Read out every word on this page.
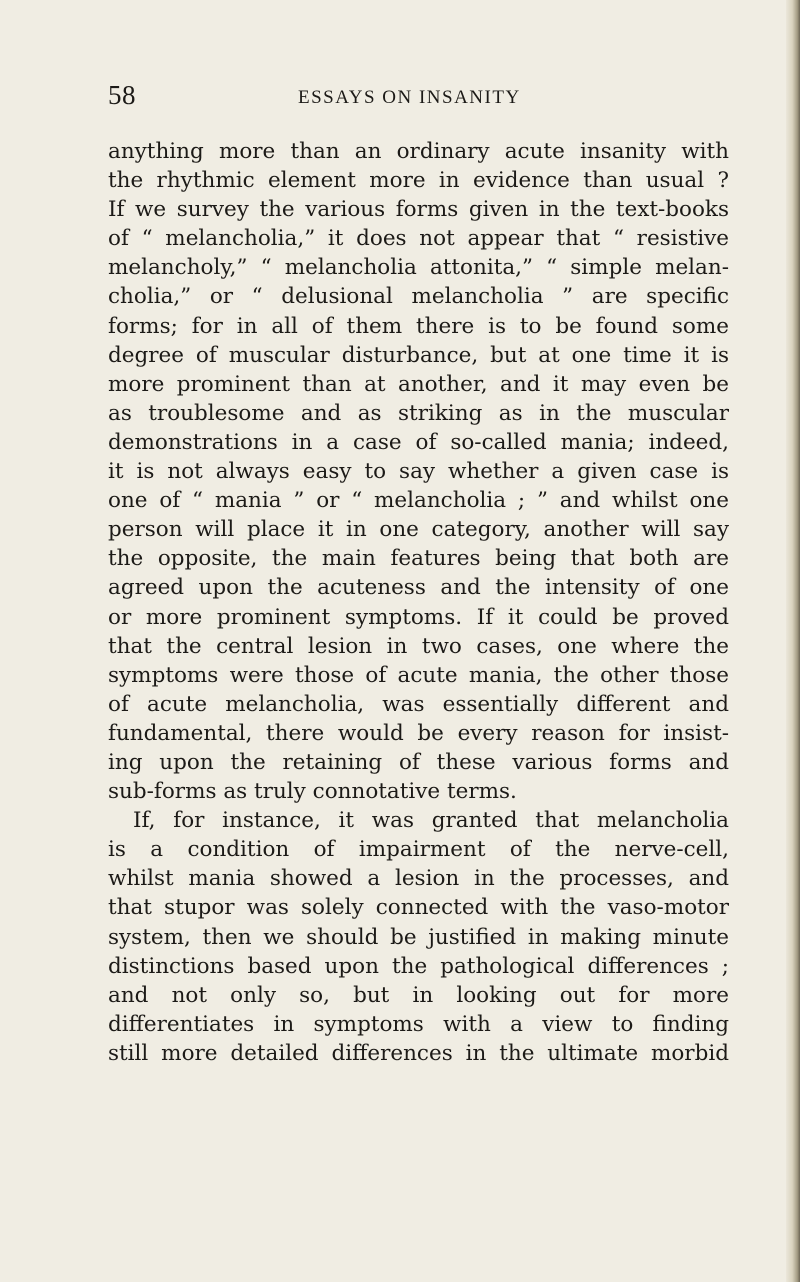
58	ESSAYS ON INSANITY
anything more than an ordinary acute insanity with
the rhythmic element more in evidence than usual ?
If we survey the various forms given in the text-books
of “ melancholia,” it does not appear that “ resistive
melancholy,” “ melancholia attonita,” “ simple melan-
cholia,” or “ delusional melancholia ” are specific
forms; for in all of them there is to be found some
degree of muscular disturbance, but at one time it is
more prominent than at another, and it may even be
as troublesome and as striking as in the muscular
demonstrations in a case of so-called mania; indeed,
it is not always easy to say whether a given case is
one of “ mania ” or “ melancholia ; ” and whilst one
person will place it in one category, another will say
the opposite, the main features being that both are
agreed upon the acuteness and the intensity of one
or more prominent symptoms. If it could be proved
that the central lesion in two cases, one where the
symptoms were those of acute mania, the other those
of acute melancholia, was essentially different and
fundamental, there would be every reason for insist-
ing upon the retaining of these various forms and
sub-forms as truly connotative terms.
If, for instance, it was granted that melancholia
is a condition of impairment of the nerve-cell,
whilst mania showed a lesion in the processes, and
that stupor was solely connected with the vaso-motor
system, then we should be justified in making minute
distinctions based upon the pathological differences ;
and not only so, but in looking out for more
differentiates in symptoms with a view to finding
still more detailed differences in the ultimate morbid
